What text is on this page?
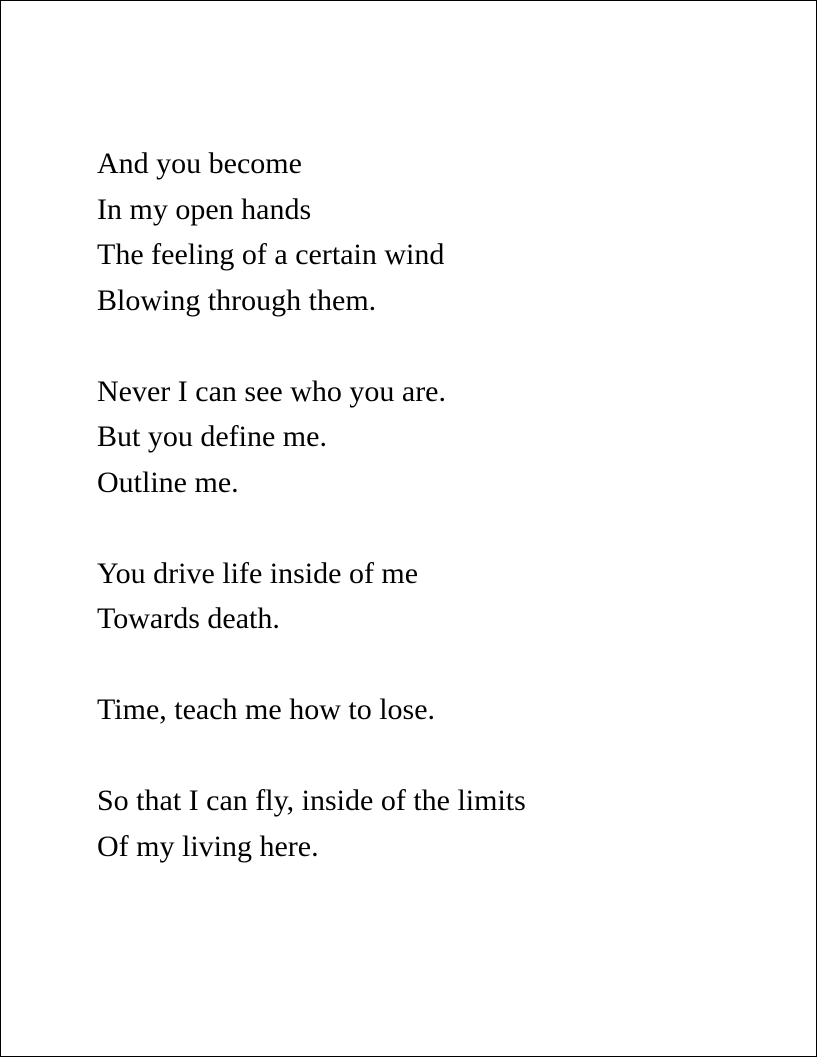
And you become
In my open hands
The feeling of a certain wind
Blowing through them.
Never I can see who you are.
But you define me.
Outline me.
You drive life inside of me
Towards death.
Time, teach me how to lose.
So that I can fly, inside of the limits
Of my living here.
